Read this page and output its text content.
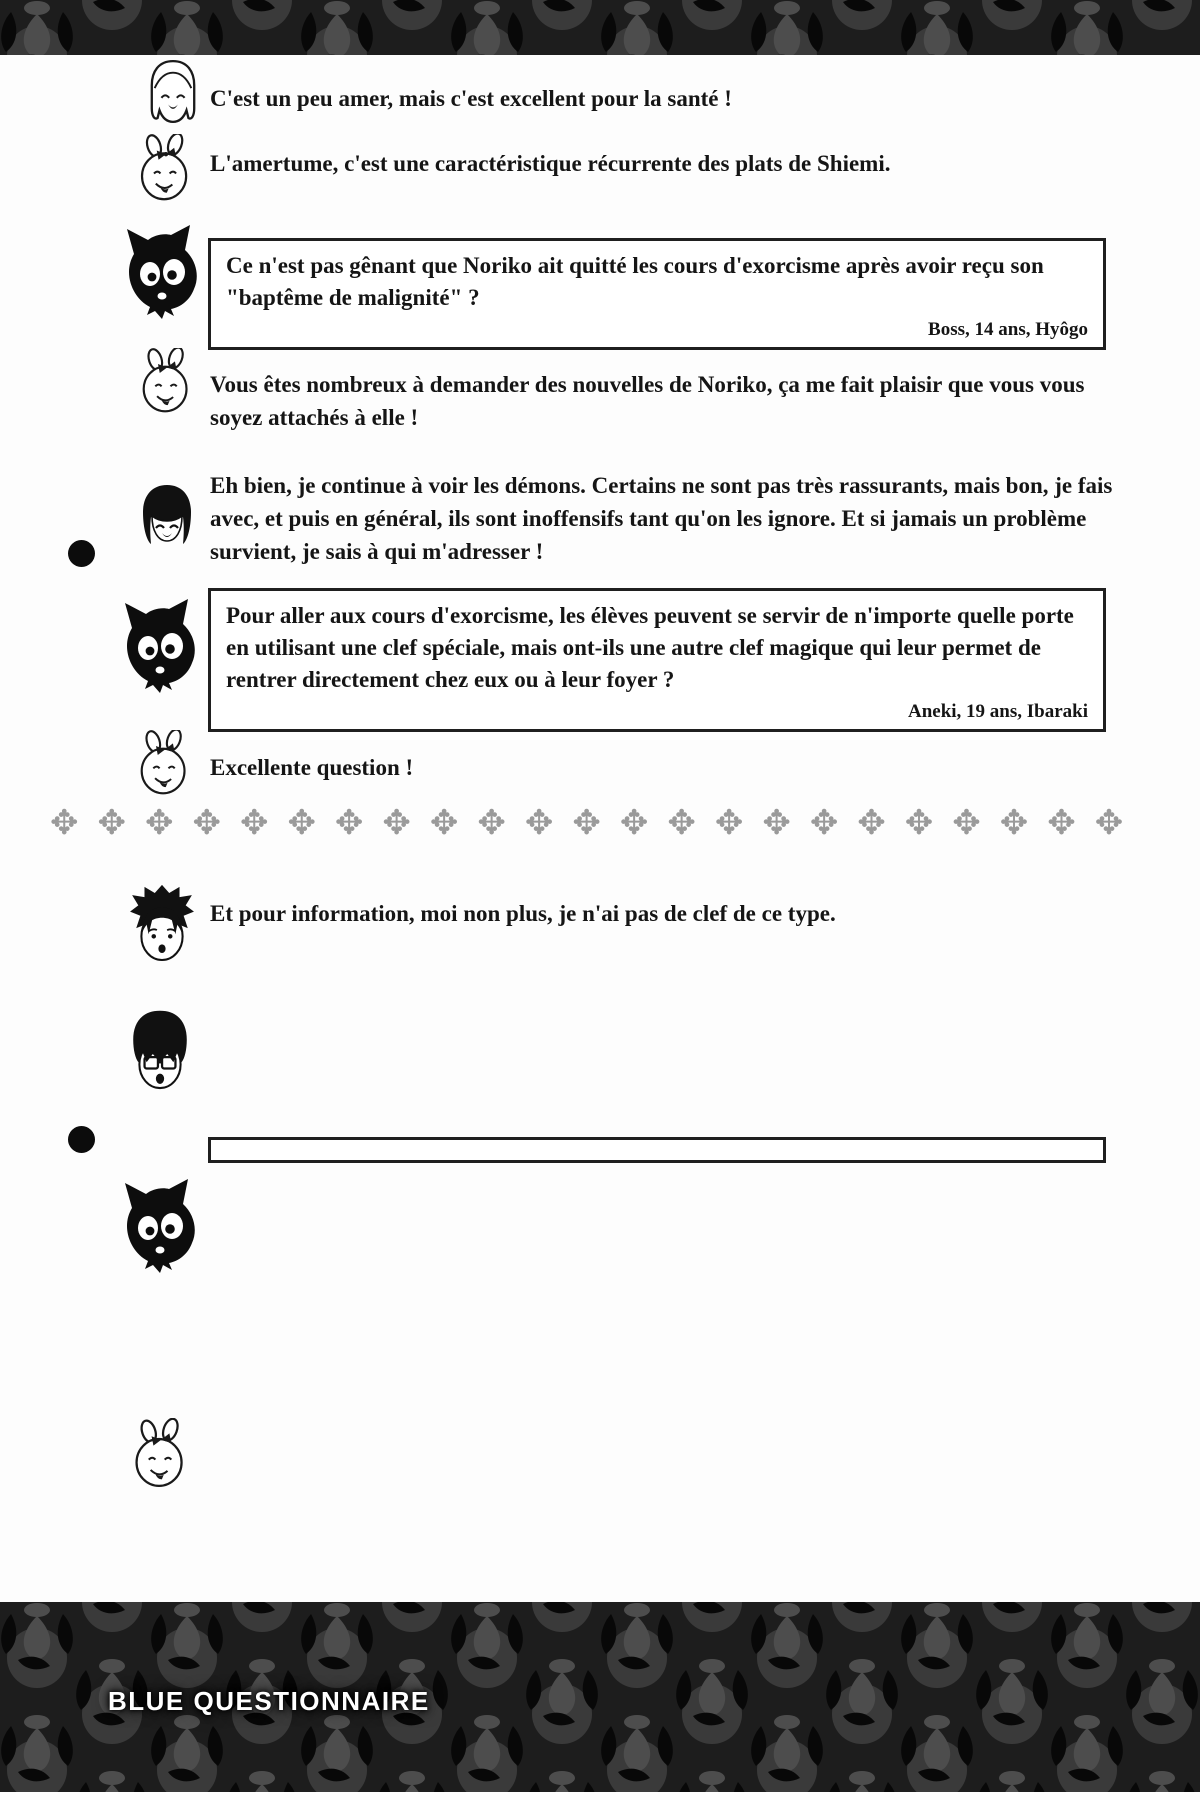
C'est un peu amer, mais c'est excellent pour la santé !
L'amertume, c'est une caractéristique récurrente des plats de Shiemi.
Ce n'est pas gênant que Noriko ait quitté les cours d'exorcisme après avoir reçu son "baptême de malignité" ?
Boss, 14 ans, Hyôgo
Vous êtes nombreux à demander des nouvelles de Noriko, ça me fait plaisir que vous vous soyez attachés à elle !
Eh bien, je continue à voir les démons. Certains ne sont pas très rassurants, mais bon, je fais avec, et puis en général, ils sont inoffensifs tant qu'on les ignore. Et si jamais un problème survient, je sais à qui m'adresser !
Pour aller aux cours d'exorcisme, les élèves peuvent se servir de n'importe quelle porte en utilisant une clef spéciale, mais ont-ils une autre clef magique qui leur permet de rentrer directement chez eux ou à leur foyer ?
Aneki, 19 ans, Ibaraki
Excellente question !
✥✥✥✥✥✥✥✥✥✥✥✥✥✥✥✥✥✥✥✥✥✥✥
Et pour information, moi non plus, je n'ai pas de clef de ce type.
BLUE QUESTIONNAIRE
